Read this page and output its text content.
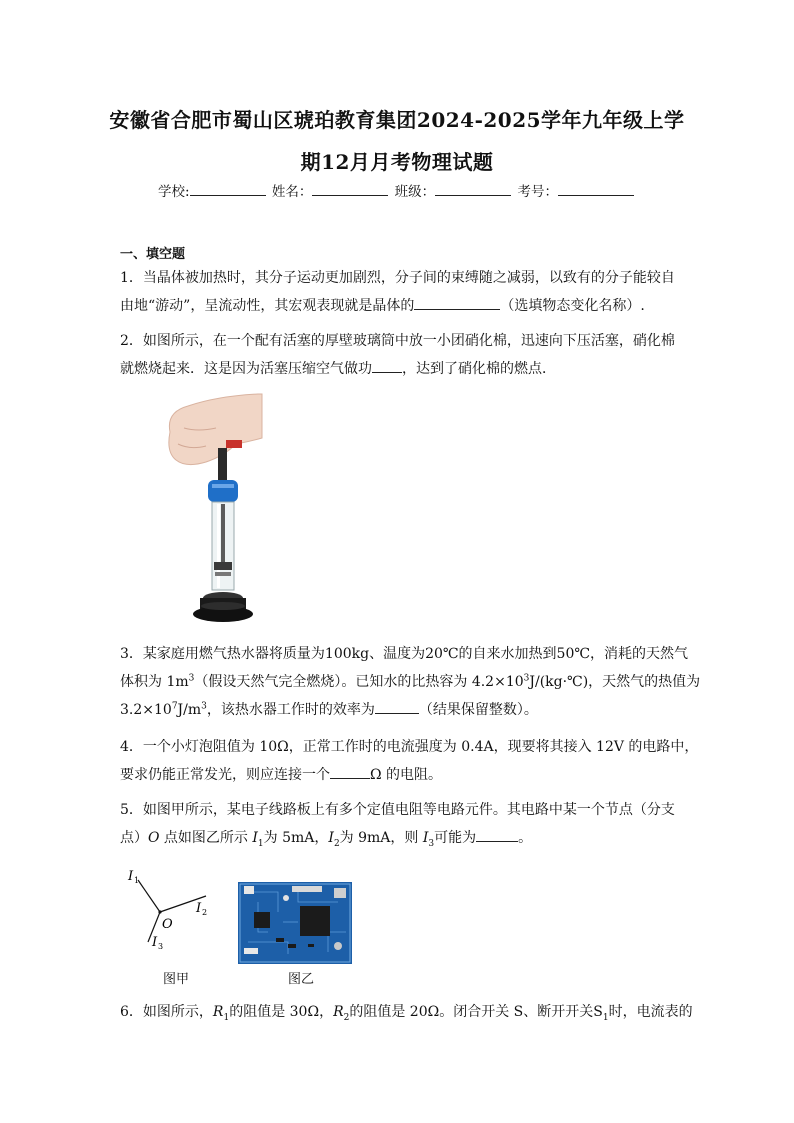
安徽省合肥市蜀山区琥珀教育集团2024-2025学年九年级上学
期12月月考物理试题
学校:	姓名：	班级：	考号：
一、填空题
1．当晶体被加热时，其分子运动更加剧烈，分子间的束缚随之减弱，以致有的分子能较自
由地“游动”，呈流动性，其宏观表现就是晶体的	（选填物态变化名称）.
2．如图所示，在一个配有活塞的厚壁玻璃筒中放一小团硝化棉，迅速向下压活塞，硝化棉
就燃烧起来．这是因为活塞压缩空气做功 ，达到了硝化棉的燃点．
3．某家庭用燃气热水器将质量为100kg、温度为20℃的自来水加热到50℃，消耗的天然气
体积为 $1m^3$（假设天然气完全燃烧）。已知水的比热容为 $4.2\times 10^3J/(kg\cdot℃)$，天然气的热值为
$3.2\times 10^7J/m^3$，该热水器工作时的效率为	（结果保留整数）。
4．一个小灯泡阻值为 10Ω，正常工作时的电流强度为 0.4A，现要将其接入 12V 的电路中，
要求仍能正常发光，则应连接一个	Ω 的电阻。
5．如图甲所示，某电子线路板上有多个定值电阻等电路元件。其电路中某一个节点（分支
点）O 点如图乙所示 $I_1$为 5mA，$I_2$为 9mA，则 $I_3$可能为	。
I 1
I 2
O
I 3
图甲	图乙
6．如图所示，$R_1$的阻值是 30Ω，$R_2$的阻值是 20Ω。闭合开关 S、断开开关$S_1$时，电流表的
